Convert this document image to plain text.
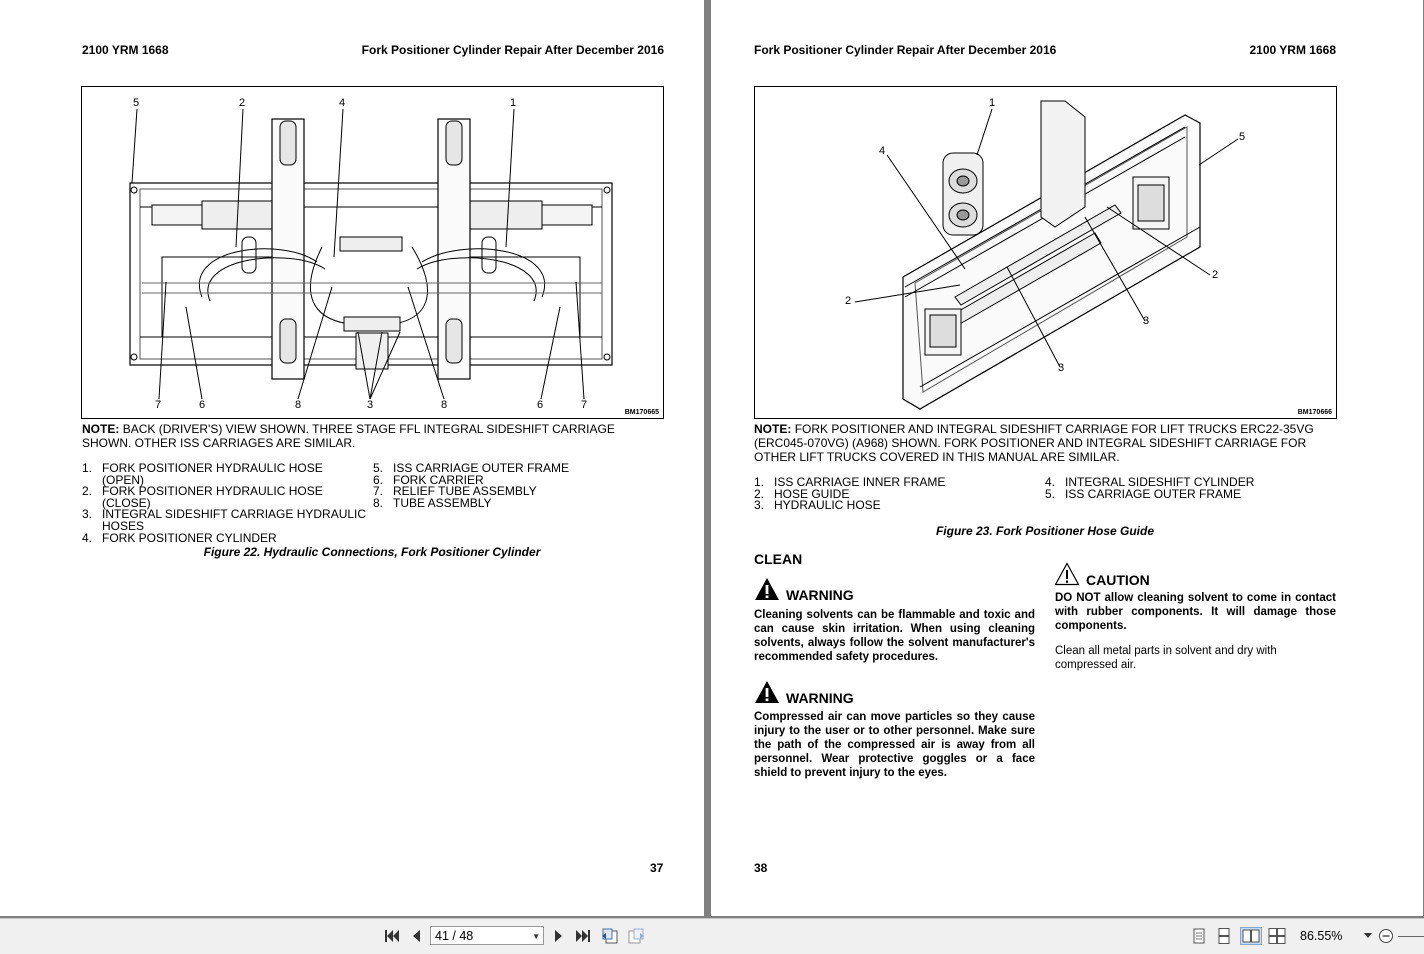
2100 YRM 1668	Fork Positioner Cylinder Repair After December 2016
5	2	4	1
7	6	8	3	8	6	7
BM170665
NOTE: BACK (DRIVER'S) VIEW SHOWN. THREE STAGE FFL INTEGRAL SIDESHIFT CARRIAGE SHOWN. OTHER ISS CARRIAGES ARE SIMILAR.
1. FORK POSITIONER HYDRAULIC HOSE (OPEN)
2. FORK POSITIONER HYDRAULIC HOSE (CLOSE)
3. INTEGRAL SIDESHIFT CARRIAGE HYDRAULIC HOSES
4. FORK POSITIONER CYLINDER
5. ISS CARRIAGE OUTER FRAME
6. FORK CARRIER
7. RELIEF TUBE ASSEMBLY
8. TUBE ASSEMBLY
Figure 22. Hydraulic Connections, Fork Positioner Cylinder
37
Fork Positioner Cylinder Repair After December 2016	2100 YRM 1668
1
4
5
2
2
3
3
BM170666
NOTE: FORK POSITIONER AND INTEGRAL SIDESHIFT CARRIAGE FOR LIFT TRUCKS ERC22-35VG (ERC045-070VG) (A968) SHOWN. FORK POSITIONER AND INTEGRAL SIDESHIFT CARRIAGE FOR OTHER LIFT TRUCKS COVERED IN THIS MANUAL ARE SIMILAR.
1. ISS CARRIAGE INNER FRAME
2. HOSE GUIDE
3. HYDRAULIC HOSE
4. INTEGRAL SIDESHIFT CYLINDER
5. ISS CARRIAGE OUTER FRAME
Figure 23. Fork Positioner Hose Guide
CLEAN
WARNING
Cleaning solvents can be flammable and toxic and can cause skin irritation. When using cleaning solvents, always follow the solvent manufacturer's recommended safety procedures.
WARNING
Compressed air can move particles so they cause injury to the user or to other personnel. Make sure the path of the compressed air is away from all personnel. Wear protective goggles or a face shield to prevent injury to the eyes.
CAUTION
DO NOT allow cleaning solvent to come in contact with rubber components. It will damage those components.
Clean all metal parts in solvent and dry with compressed air.
38
41 / 48	▼	86.55%
